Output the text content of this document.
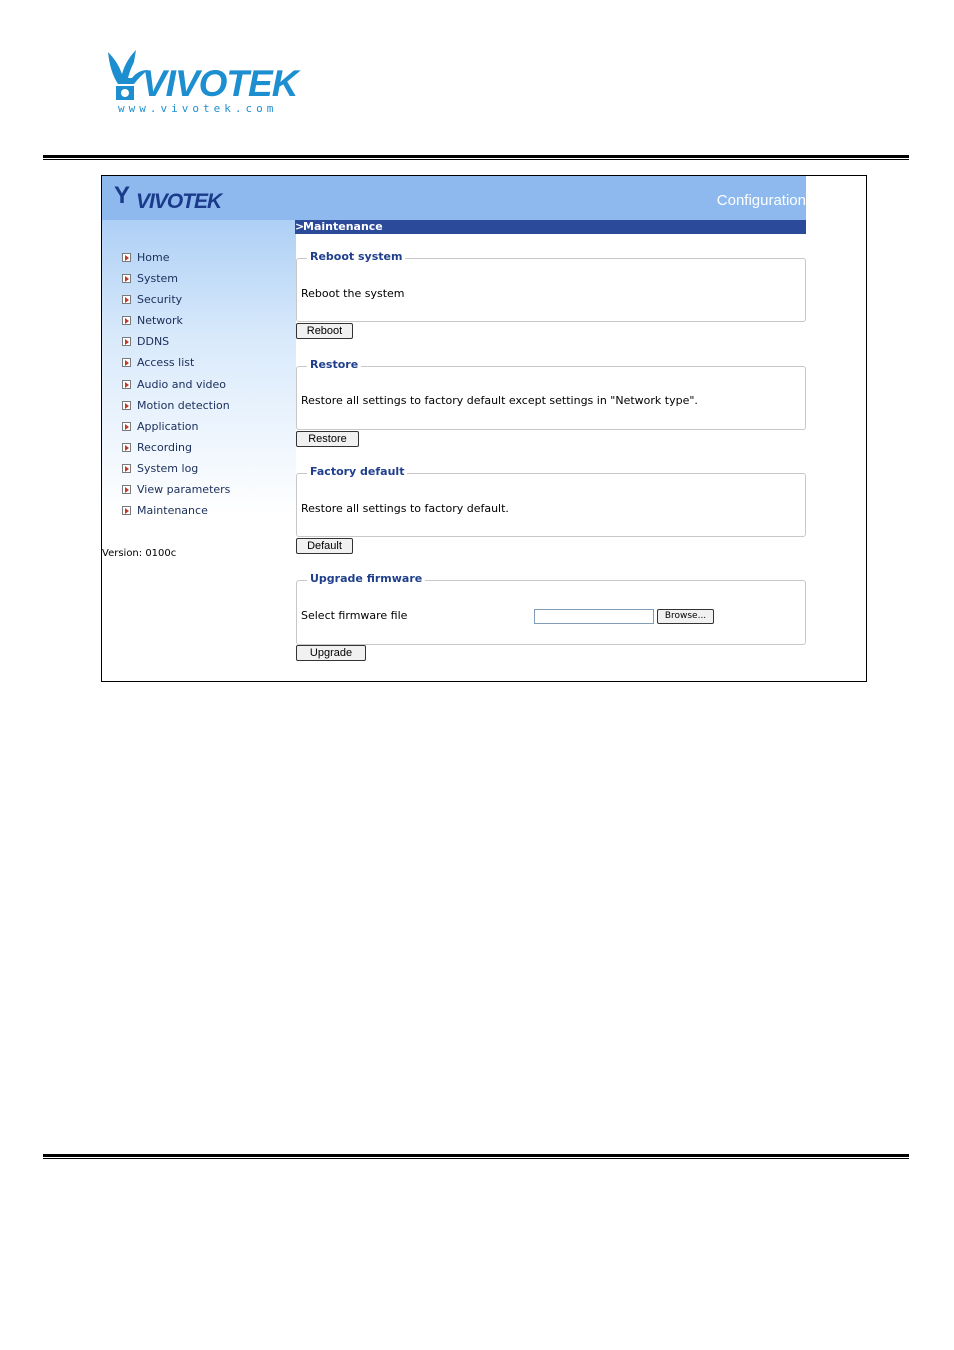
VIVOTEK
www.vivotek.com
Y VIVOTEK	Configuration
>Maintenance
Home
System
Security
Network
DDNS
Access list
Audio and video
Motion detection
Application
Recording
System log
View parameters
Maintenance
Version: 0100c
Reboot system
Reboot the system
Reboot
Restore
Restore all settings to factory default except settings in "Network type".
Restore
Factory default
Restore all settings to factory default.
Default
Upgrade firmware
Select firmware file	Browse...
Upgrade
